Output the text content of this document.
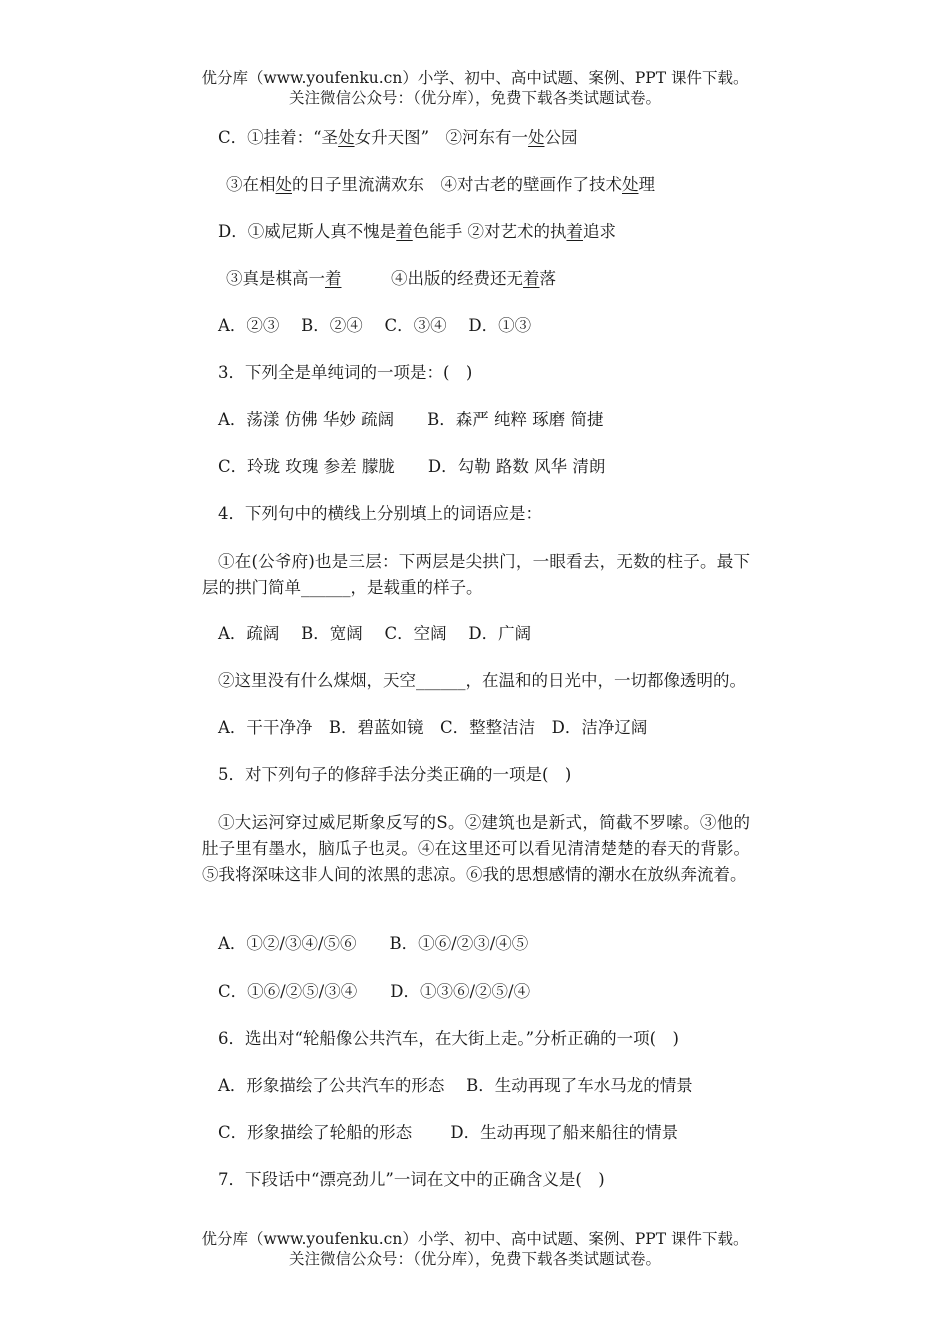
优分库（www.youfenku.cn）小学、初中、高中试题、案例、PPT 课件下载。
关注微信公众号：（优分库），免费下载各类试题试卷。
C．①挂着：“圣处女升天图”　②河东有一处公园
③在相处的日子里流满欢东　④对古老的壁画作了技术处理
D．①威尼斯人真不愧是着色能手 ②对艺术的执着追求
③真是棋高一着　　　④出版的经费还无着落
A．②③　 B．②④　 C．③④　 D．①③
3．下列全是单纯词的一项是：(　)
A．荡漾 仿佛 华妙 疏阔　　B．森严 纯粹 琢磨 简捷
C．玲珑 玫瑰 参差 朦胧　　D．勾勒 路数 风华 清朗
4．下列句中的横线上分别填上的词语应是：
①在(公爷府)也是三层：下两层是尖拱门，一眼看去，无数的柱子。最下层的拱门简单______，是载重的样子。
A．疏阔　 B．宽阔　 C．空阔　 D．广阔
②这里没有什么煤烟，天空______，在温和的日光中，一切都像透明的。
A．干干净净　B．碧蓝如镜　C．整整洁洁　D．洁净辽阔
5．对下列句子的修辞手法分类正确的一项是(　)
①大运河穿过威尼斯象反写的S。②建筑也是新式，简截不罗嗦。③他的肚子里有墨水，脑瓜子也灵。④在这里还可以看见清清楚楚的春天的背影。⑤我将深味这非人间的浓黑的悲凉。⑥我的思想感情的潮水在放纵奔流着。
A．①②/③④/⑤⑥　　B．①⑥/②③/④⑤
C．①⑥/②⑤/③④　　D．①③⑥/②⑤/④
6．选出对“轮船像公共汽车，在大街上走。”分析正确的一项(　)
A．形象描绘了公共汽车的形态　 B．生动再现了车水马龙的情景
C．形象描绘了轮船的形态　　 D．生动再现了船来船往的情景
7．下段话中“漂亮劲儿”一词在文中的正确含义是(　)
优分库（www.youfenku.cn）小学、初中、高中试题、案例、PPT 课件下载。
关注微信公众号：（优分库），免费下载各类试题试卷。
